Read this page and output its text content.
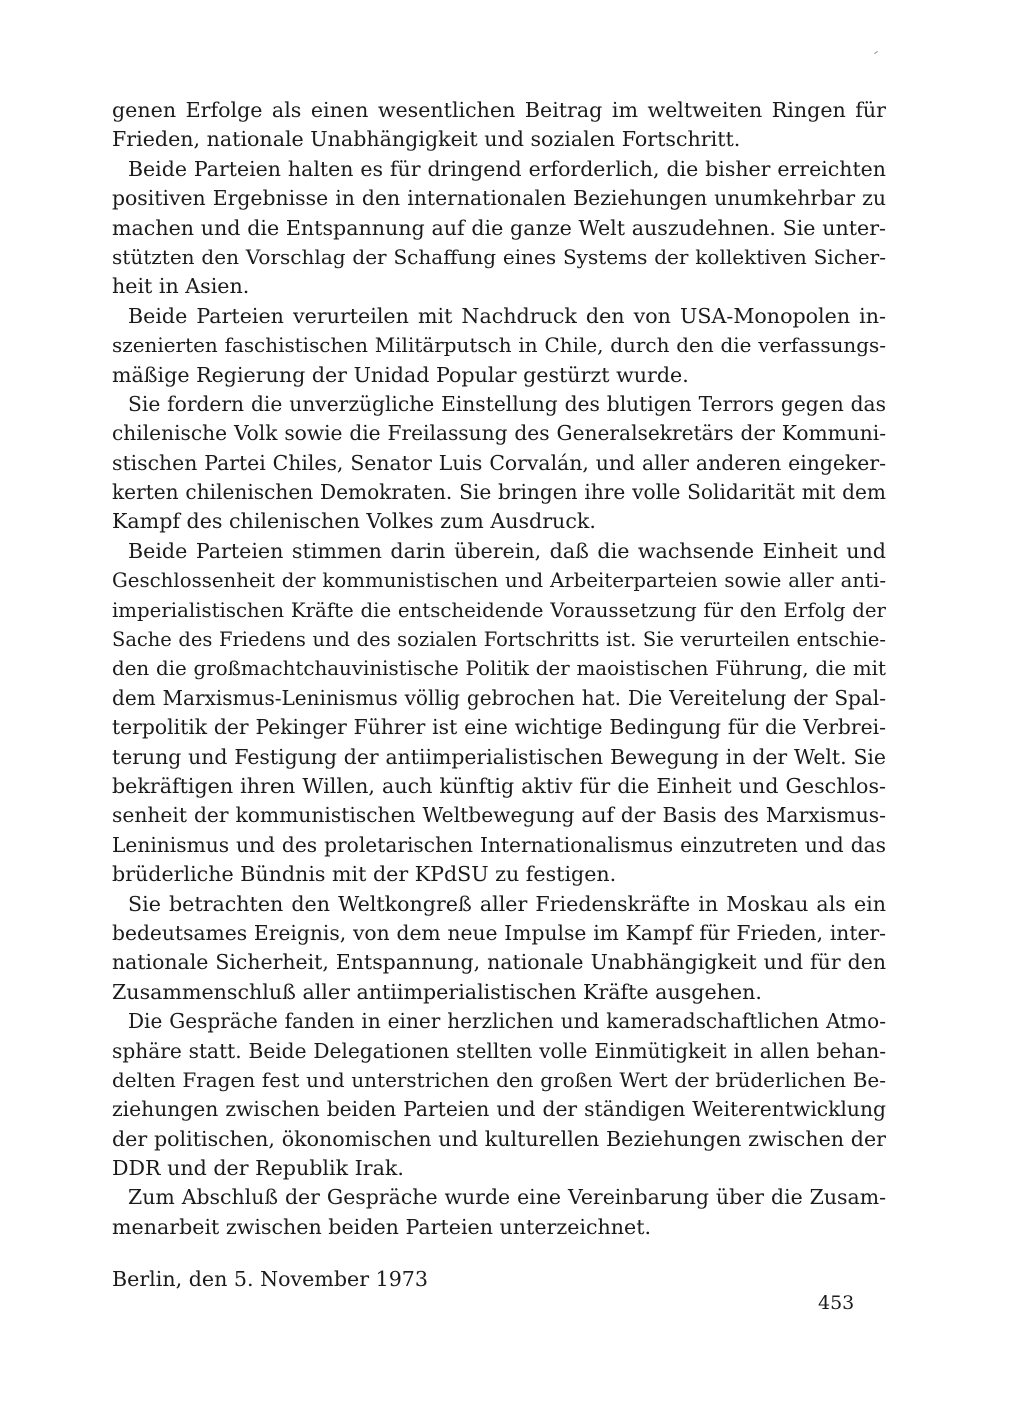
genen Erfolge als einen wesentlichen Beitrag im weltweiten Ringen für
Frieden, nationale Unabhängigkeit und sozialen Fortschritt.
Beide Parteien halten es für dringend erforderlich, die bisher erreichten
positiven Ergebnisse in den internationalen Beziehungen unumkehrbar zu
machen und die Entspannung auf die ganze Welt auszudehnen. Sie unter-
stützten den Vorschlag der Schaffung eines Systems der kollektiven Sicher-
heit in Asien.
Beide Parteien verurteilen mit Nachdruck den von USA-Monopolen in-
szenierten faschistischen Militärputsch in Chile, durch den die verfassungs-
mäßige Regierung der Unidad Popular gestürzt wurde.
Sie fordern die unverzügliche Einstellung des blutigen Terrors gegen das
chilenische Volk sowie die Freilassung des Generalsekretärs der Kommuni-
stischen Partei Chiles, Senator Luis Corvalán, und aller anderen eingeker-
kerten chilenischen Demokraten. Sie bringen ihre volle Solidarität mit dem
Kampf des chilenischen Volkes zum Ausdruck.
Beide Parteien stimmen darin überein, daß die wachsende Einheit und
Geschlossenheit der kommunistischen und Arbeiterparteien sowie aller anti-
imperialistischen Kräfte die entscheidende Voraussetzung für den Erfolg der
Sache des Friedens und des sozialen Fortschritts ist. Sie verurteilen entschie-
den die großmachtchauvinistische Politik der maoistischen Führung, die mit
dem Marxismus-Leninismus völlig gebrochen hat. Die Vereitelung der Spal-
terpolitik der Pekinger Führer ist eine wichtige Bedingung für die Verbrei-
terung und Festigung der antiimperialistischen Bewegung in der Welt. Sie
bekräftigen ihren Willen, auch künftig aktiv für die Einheit und Geschlos-
senheit der kommunistischen Weltbewegung auf der Basis des Marxismus-
Leninismus und des proletarischen Internationalismus einzutreten und das
brüderliche Bündnis mit der KPdSU zu festigen.
Sie betrachten den Weltkongreß aller Friedenskräfte in Moskau als ein
bedeutsames Ereignis, von dem neue Impulse im Kampf für Frieden, inter-
nationale Sicherheit, Entspannung, nationale Unabhängigkeit und für den
Zusammenschluß aller antiimperialistischen Kräfte ausgehen.
Die Gespräche fanden in einer herzlichen und kameradschaftlichen Atmo-
sphäre statt. Beide Delegationen stellten volle Einmütigkeit in allen behan-
delten Fragen fest und unterstrichen den großen Wert der brüderlichen Be-
ziehungen zwischen beiden Parteien und der ständigen Weiterentwicklung
der politischen, ökonomischen und kulturellen Beziehungen zwischen der
DDR und der Republik Irak.
Zum Abschluß der Gespräche wurde eine Vereinbarung über die Zusam-
menarbeit zwischen beiden Parteien unterzeichnet.
Berlin, den 5. November 1973
453
